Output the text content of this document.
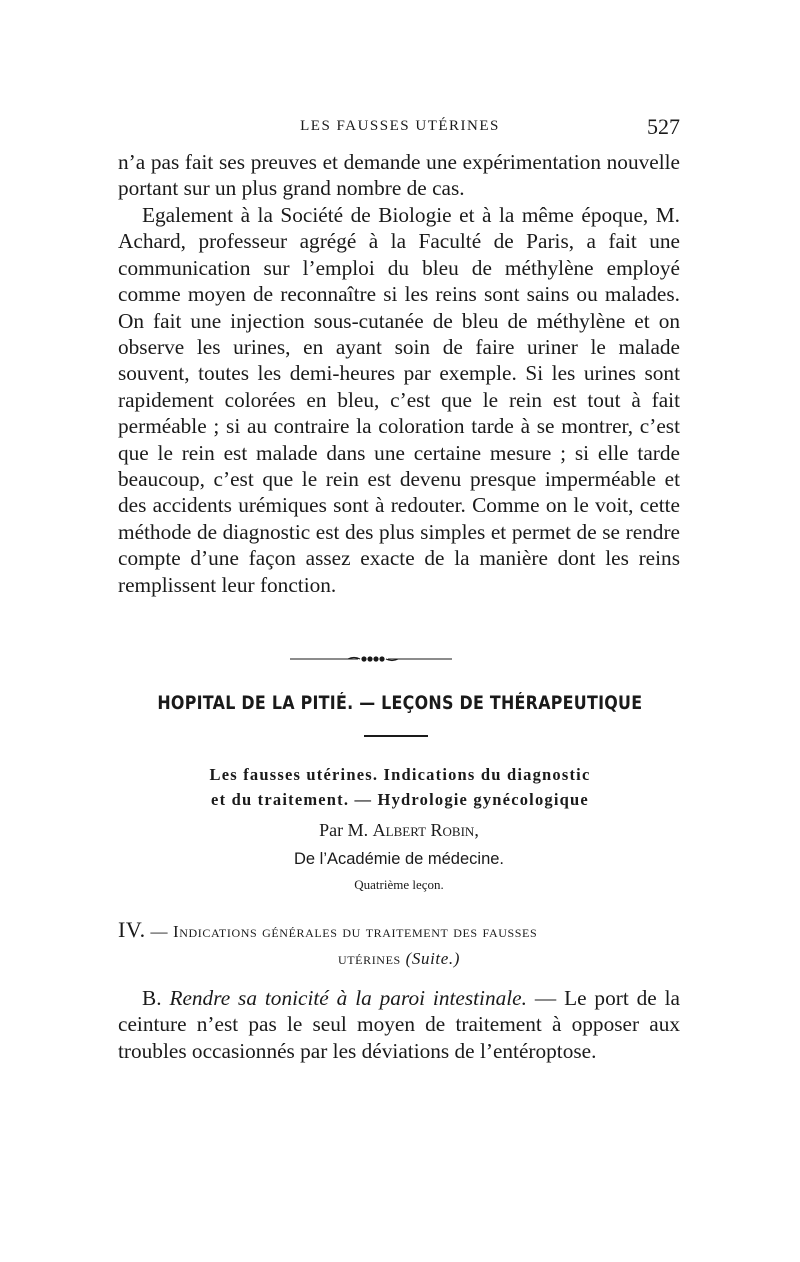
LES FAUSSES UTÉRINES	527

n’a pas fait ses preuves et demande une expérimentation nouvelle portant sur un plus grand nombre de cas.

Egalement à la Société de Biologie et à la même époque, M. Achard, professeur agrégé à la Faculté de Paris, a fait une communication sur l’emploi du bleu de méthylène employé comme moyen de reconnaître si les reins sont sains ou malades. On fait une injection sous-cutanée de bleu de méthylène et on observe les urines, en ayant soin de faire uriner le malade souvent, toutes les demi-heures par exemple. Si les urines sont rapidement colorées en bleu, c’est que le rein est tout à fait perméable ; si au contraire la coloration tarde à se montrer, c’est que le rein est malade dans une certaine mesure ; si elle tarde beaucoup, c’est que le rein est devenu presque imperméable et des accidents urémiques sont à redouter. Comme on le voit, cette méthode de diagnostic est des plus simples et permet de se rendre compte d’une façon assez exacte de la manière dont les reins remplissent leur fonction.

HOPITAL DE LA PITIÉ. — LEÇONS DE THÉRAPEUTIQUE
Les fausses utérines. Indications du diagnostic
et du traitement. — Hydrologie gynécologique
Par M. Albert Robin,
De l’Académie de médecine.
Quatrième leçon.
IV. — Indications générales du traitement des fausses
utérines (Suite.)

B. Rendre sa tonicité à la paroi intestinale. — Le port de la ceinture n’est pas le seul moyen de traitement à opposer aux troubles occasionnés par les déviations de l’entéroptose.
